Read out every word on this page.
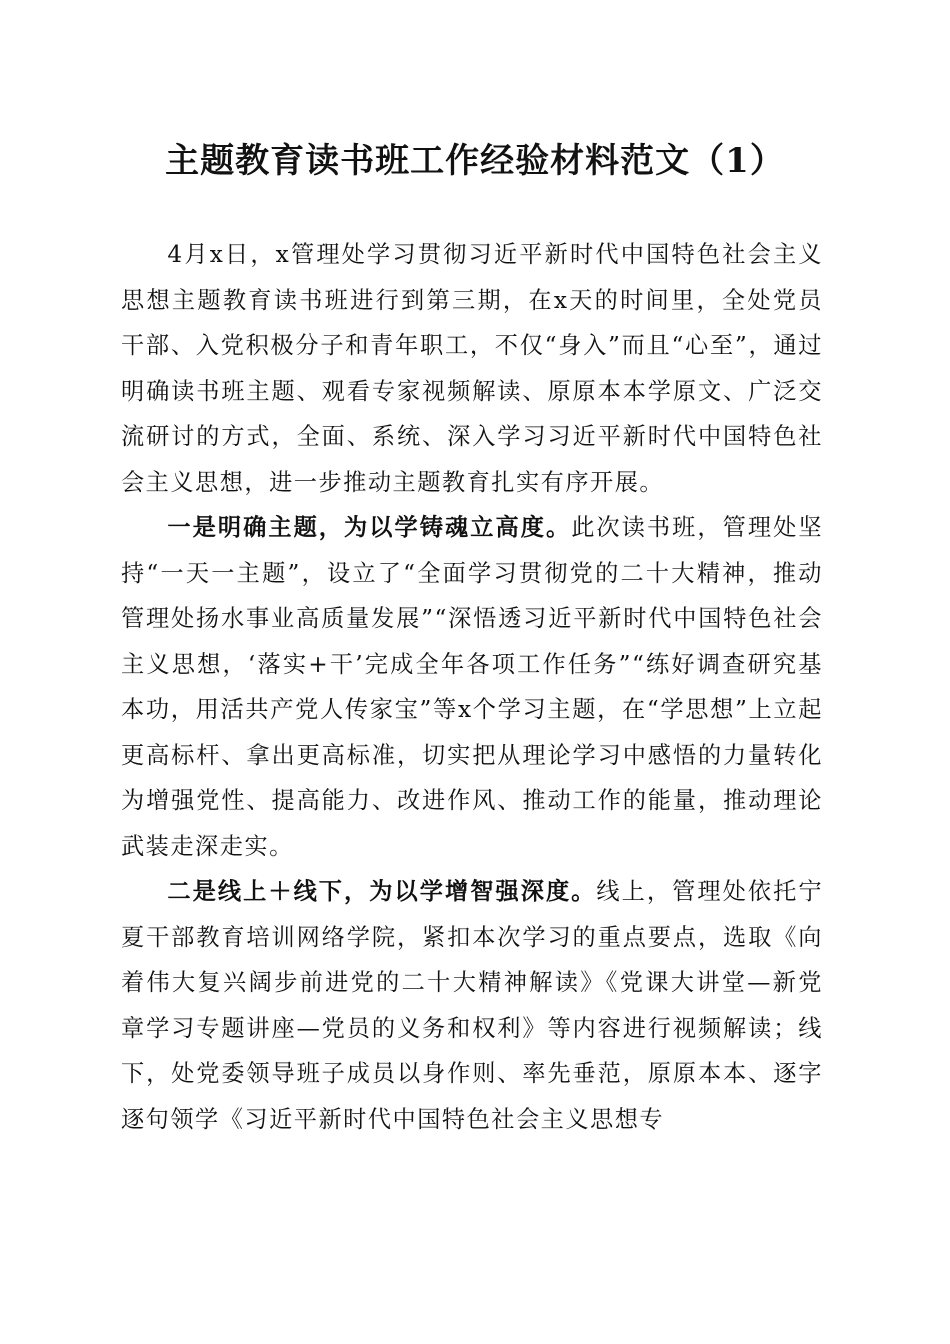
主题教育读书班工作经验材料范文（1）

4月x日，x管理处学习贯彻习近平新时代中国特色社会主义思想主题教育读书班进行到第三期，在x天的时间里，全处党员干部、入党积极分子和青年职工，不仅“身入”而且“心至”，通过明确读书班主题、观看专家视频解读、原原本本学原文、广泛交流研讨的方式，全面、系统、深入学习习近平新时代中国特色社会主义思想，进一步推动主题教育扎实有序开展。

一是明确主题，为以学铸魂立高度。此次读书班，管理处坚持“一天一主题”，设立了“全面学习贯彻党的二十大精神，推动管理处扬水事业高质量发展”“深悟透习近平新时代中国特色社会主义思想，‘落实+干’完成全年各项工作任务”“练好调查研究基本功，用活共产党人传家宝”等x个学习主题，在“学思想”上立起更高标杆、拿出更高标准，切实把从理论学习中感悟的力量转化为增强党性、提高能力、改进作风、推动工作的能量，推动理论武装走深走实。

二是线上＋线下，为以学增智强深度。线上，管理处依托宁夏干部教育培训网络学院，紧扣本次学习的重点要点，选取《向着伟大复兴阔步前进党的二十大精神解读》《党课大讲堂—新党章学习专题讲座—党员的义务和权利》等内容进行视频解读；线下，处党委领导班子成员以身作则、率先垂范，原原本本、逐字逐句领学《习近平新时代中国特色社会主义思想专
